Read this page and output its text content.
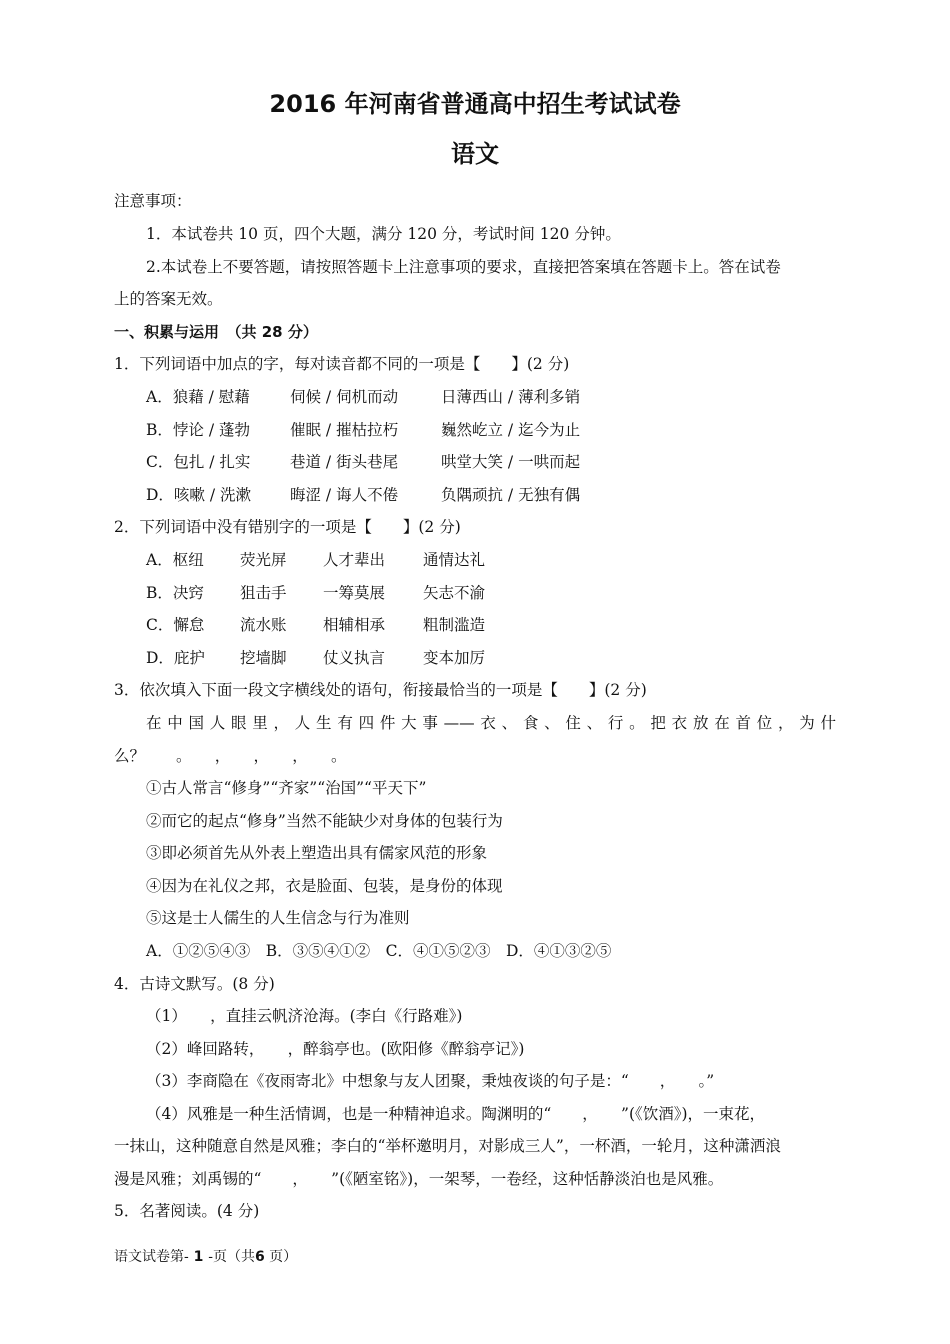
2016 年河南省普通高中招生考试试卷
语文
注意事项：
1．本试卷共 10 页，四个大题，满分 120 分，考试时间 120 分钟。
2.本试卷上不要答题，请按照答题卡上注意事项的要求，直接把答案填在答题卡上。答在试卷
上的答案无效。
一、积累与运用　（共 28 分）
1．下列词语中加点的字，每对读音都不同的一项是【　　】(2 分)
A．狼藉 / 慰藉	伺候 / 伺机而动	日薄西山 / 薄利多销
B．悖论 / 蓬勃	催眠 / 摧枯拉朽	巍然屹立 / 迄今为止
C．包扎 / 扎实	巷道 / 街头巷尾	哄堂大笑 / 一哄而起
D．咳嗽 / 洗漱	晦涩 / 诲人不倦	负隅顽抗 / 无独有偶
2．下列词语中没有错别字的一项是【　　】(2 分)
A．枢纽 荧光屏 人才辈出 通情达礼
B．决窍 狙击手 一筹莫展 矢志不渝
C．懈怠 流水账 相辅相承 粗制滥造
D．庇护 挖墙脚 仗义执言 变本加厉
3．依次填入下面一段文字横线处的语句，衔接最恰当的一项是【　　】(2 分)
在中国人眼里，人生有四件大事——衣、食、住、行。把衣放在首位，为什
么？　　。　　，　　，　　，　　。
①古人常言“修身”“齐家”“治国”“平天下”
②而它的起点“修身”当然不能缺少对身体的包装行为
③即必须首先从外表上塑造出具有儒家风范的形象
④因为在礼仪之邦，衣是脸面、包装，是身份的体现
⑤这是士人儒生的人生信念与行为准则
A．①②⑤④③　B．③⑤④①②　C．④①⑤②③　D．④①③②⑤
4．古诗文默写。(8 分)
（1）　　，直挂云帆济沧海。(李白《行路难》)
（2）峰回路转，　　，醉翁亭也。(欧阳修《醉翁亭记》)
（3）李商隐在《夜雨寄北》中想象与友人团聚，秉烛夜谈的句子是：“　　，　　。”
（4）风雅是一种生活情调，也是一种精神追求。陶渊明的“　　，　　”(《饮酒》)，一束花，
一抹山，这种随意自然是风雅；李白的“举杯邀明月，对影成三人”，一杯酒，一轮月，这种潇洒浪
漫是风雅；刘禹锡的“　　，　　”(《陋室铭》)，一架琴，一卷经，这种恬静淡泊也是风雅。
5．名著阅读。(4 分)
语文试卷第- 1 -页（共6 页）
